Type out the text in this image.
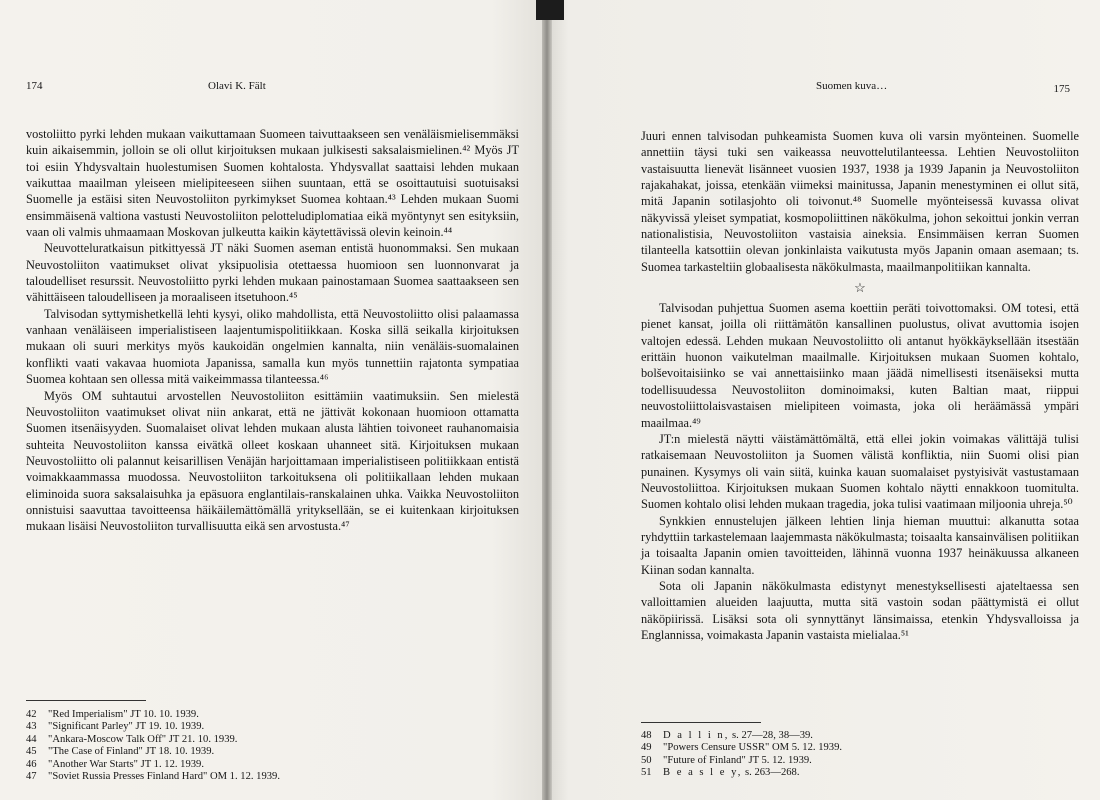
174	Olavi K. Fält

vostoliitto pyrki lehden mukaan vaikuttamaan Suomeen taivuttaakseen sen venäläismielisemmäksi kuin aikaisemmin, jolloin se oli ollut kirjoituksen mukaan julkisesti saksalaismielinen.⁴² Myös JT toi esiin Yhdysvaltain huolestumisen Suomen kohtalosta. Yhdysvallat saattaisi lehden mukaan vaikuttaa maailman yleiseen mielipiteeseen siihen suuntaan, että se osoittautuisi suotuisaksi Suomelle ja estäisi siten Neuvostoliiton pyrkimykset Suomea kohtaan.⁴³ Lehden mukaan Suomi ensimmäisenä valtiona vastusti Neuvostoliiton pelotteludiplomatiaa eikä myöntynyt sen esityksiin, vaan oli valmis uhmaamaan Moskovan julkeutta kaikin käytettävissä olevin keinoin.⁴⁴

Neuvotteluratkaisun pitkittyessä JT näki Suomen aseman entistä huonommaksi. Sen mukaan Neuvostoliiton vaatimukset olivat yksipuolisia otettaessa huomioon sen luonnonvarat ja taloudelliset resurssit. Neuvostoliitto pyrki lehden mukaan painostamaan Suomea saattaakseen sen vähittäiseen taloudelliseen ja moraaliseen itsetuhoon.⁴⁵

Talvisodan syttymishetkellä lehti kysyi, oliko mahdollista, että Neuvostoliitto olisi palaamassa vanhaan venäläiseen imperialistiseen laajentumispolitiikkaan. Koska sillä seikalla kirjoituksen mukaan oli suuri merkitys myös kaukoidän ongelmien kannalta, niin venäläis-suomalainen konflikti vaati vakavaa huomiota Japanissa, samalla kun myös tunnettiin rajatonta sympatiaa Suomea kohtaan sen ollessa mitä vaikeimmassa tilanteessa.⁴⁶

Myös OM suhtautui arvostellen Neuvostoliiton esittämiin vaatimuksiin. Sen mielestä Neuvostoliiton vaatimukset olivat niin ankarat, että ne jättivät kokonaan huomioon ottamatta Suomen itsenäisyyden. Suomalaiset olivat lehden mukaan alusta lähtien toivoneet rauhanomaisia suhteita Neuvostoliiton kanssa eivätkä olleet koskaan uhanneet sitä. Kirjoituksen mukaan Neuvostoliitto oli palannut keisarillisen Venäjän harjoittamaan imperialistiseen politiikkaan entistä voimakkaammassa muodossa. Neuvostoliiton tarkoituksena oli politiikallaan lehden mukaan eliminoida suora saksalaisuhka ja epäsuora englantilais-ranskalainen uhka. Vaikka Neuvostoliiton onnistuisi saavuttaa tavoitteensa häikäilemättömällä yrityksellään, se ei kuitenkaan kirjoituksen mukaan lisäisi Neuvostoliiton turvallisuutta eikä sen arvostusta.⁴⁷

42 "Red Imperialism" JT 10. 10. 1939.
43 "Significant Parley" JT 19. 10. 1939.
44 "Ankara-Moscow Talk Off" JT 21. 10. 1939.
45 "The Case of Finland" JT 18. 10. 1939.
46 "Another War Starts" JT 1. 12. 1939.
47 "Soviet Russia Presses Finland Hard" OM 1. 12. 1939.
Suomen kuva…	175

Juuri ennen talvisodan puhkeamista Suomen kuva oli varsin myönteinen. Suomelle annettiin täysi tuki sen vaikeassa neuvottelutilanteessa. Lehtien Neuvostoliiton vastaisuutta lienevät lisänneet vuosien 1937, 1938 ja 1939 Japanin ja Neuvostoliiton rajakahakat, joissa, etenkään viimeksi mainitussa, Japanin menestyminen ei ollut sitä, mitä Japanin sotilasjohto oli toivonut.⁴⁸ Suomelle myönteisessä kuvassa olivat näkyvissä yleiset sympatiat, kosmopoliittinen näkökulma, johon sekoittui jonkin verran nationalistisia, Neuvostoliiton vastaisia aineksia. Ensimmäisen kerran Suomen tilanteella katsottiin olevan jonkinlaista vaikutusta myös Japanin omaan asemaan; ts. Suomea tarkasteltiin globaalisesta näkökulmasta, maailmanpolitiikan kannalta.

☆

Talvisodan puhjettua Suomen asema koettiin peräti toivottomaksi. OM totesi, että pienet kansat, joilla oli riittämätön kansallinen puolustus, olivat avuttomia isojen valtojen edessä. Lehden mukaan Neuvostoliitto oli antanut hyökkäyksellään itsestään erittäin huonon vaikutelman maailmalle. Kirjoituksen mukaan Suomen kohtalo, bolševoitaisiinko se vai annettaisiinko maan jäädä nimellisesti itsenäiseksi mutta todellisuudessa Neuvostoliiton dominoimaksi, kuten Baltian maat, riippui neuvostoliittolaisvastaisen mielipiteen voimasta, joka oli heräämässä ympäri maailmaa.⁴⁹

JT:n mielestä näytti väistämättömältä, että ellei jokin voimakas välittäjä tulisi ratkaisemaan Neuvostoliiton ja Suomen välistä konfliktia, niin Suomi olisi pian punainen. Kysymys oli vain siitä, kuinka kauan suomalaiset pystyisivät vastustamaan Neuvostoliittoa. Kirjoituksen mukaan Suomen kohtalo näytti ennakkoon tuomitulta. Suomen kohtalo olisi lehden mukaan tragedia, joka tulisi vaatimaan miljoonia uhreja.⁵⁰

Synkkien ennustelujen jälkeen lehtien linja hieman muuttui: alkanutta sotaa ryhdyttiin tarkastelemaan laajemmasta näkökulmasta; toisaalta kansainvälisen politiikan ja toisaalta Japanin omien tavoitteiden, lähinnä vuonna 1937 heinäkuussa alkaneen Kiinan sodan kannalta.

Sota oli Japanin näkökulmasta edistynyt menestyksellisesti ajateltaessa sen valloittamien alueiden laajuutta, mutta sitä vastoin sodan päättymistä ei ollut näköpiirissä. Lisäksi sota oli synnyttänyt länsimaissa, etenkin Yhdysvalloissa ja Englannissa, voimakasta Japanin vastaista mielialaa.⁵¹

48 D a l l i n, s. 27—28, 38—39.
49 "Powers Censure USSR" OM 5. 12. 1939.
50 "Future of Finland" JT 5. 12. 1939.
51 B e a s l e y, s. 263—268.
